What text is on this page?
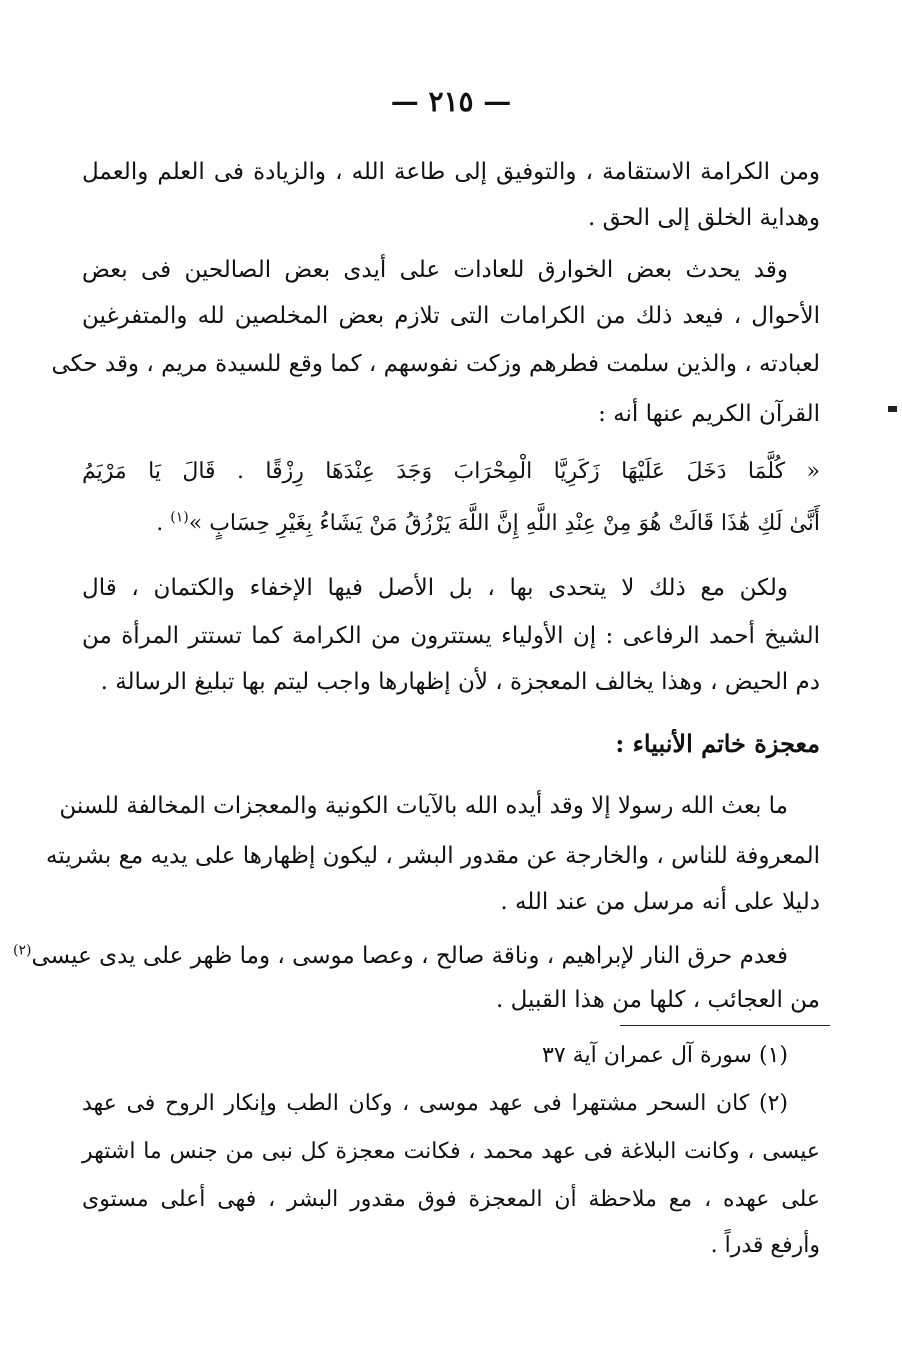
— ٢١٥ —
ومن الكرامة الاستقامة ، والتوفيق إلى طاعة الله ، والزيادة فى العلم والعمل
وهداية الخلق إلى الحق .
وقد يحدث بعض الخوارق للعادات على أيدى بعض الصالحين فى بعض
الأحوال ، فيعد ذلك من الكرامات التى تلازم بعض المخلصين لله والمتفرغين
لعبادته ، والذين سلمت فطرهم وزكت نفوسهم ، كما وقع للسيدة مريم ، وقد حكى
القرآن الكريم عنها أنه :
« كُلَّمَا دَخَلَ عَلَيْهَا زَكَرِيَّا الْمِحْرَابَ وَجَدَ عِنْدَهَا رِزْقًا . قَالَ يَا مَرْيَمُ
أَنَّىٰ لَكِ هَٰذَا قَالَتْ هُوَ مِنْ عِنْدِ اللَّهِ إِنَّ اللَّهَ يَرْزُقُ مَنْ يَشَاءُ بِغَيْرِ حِسَابٍ »$^{(١)}$ .
ولكن مع ذلك لا يتحدى بها ، بل الأصل فيها الإخفاء والكتمان ، قال
الشيخ أحمد الرفاعى : إن الأولياء يستترون من الكرامة كما تستتر المرأة من
دم الحيض ، وهذا يخالف المعجزة ، لأن إظهارها واجب ليتم بها تبليغ الرسالة .
معجزة خاتم الأنبياء :
ما بعث الله رسولا إلا وقد أيده الله بالآيات الكونية والمعجزات المخالفة للسنن
المعروفة للناس ، والخارجة عن مقدور البشر ، ليكون إظهارها على يديه مع بشريته
دليلا على أنه مرسل من عند الله .
فعدم حرق النار لإبراهيم ، وناقة صالح ، وعصا موسى ، وما ظهر على يدى عيسى$^{(٢)}$
من العجائب ، كلها من هذا القبيل .
(١) سورة آل عمران آية ٣٧
(٢) كان السحر مشتهرا فى عهد موسى ، وكان الطب وإنكار الروح فى عهد
عيسى ، وكانت البلاغة فى عهد محمد ، فكانت معجزة كل نبى من جنس ما اشتهر
على عهده ، مع ملاحظة أن المعجزة فوق مقدور البشر ، فهى أعلى مستوى
وأرفع قدراً .
